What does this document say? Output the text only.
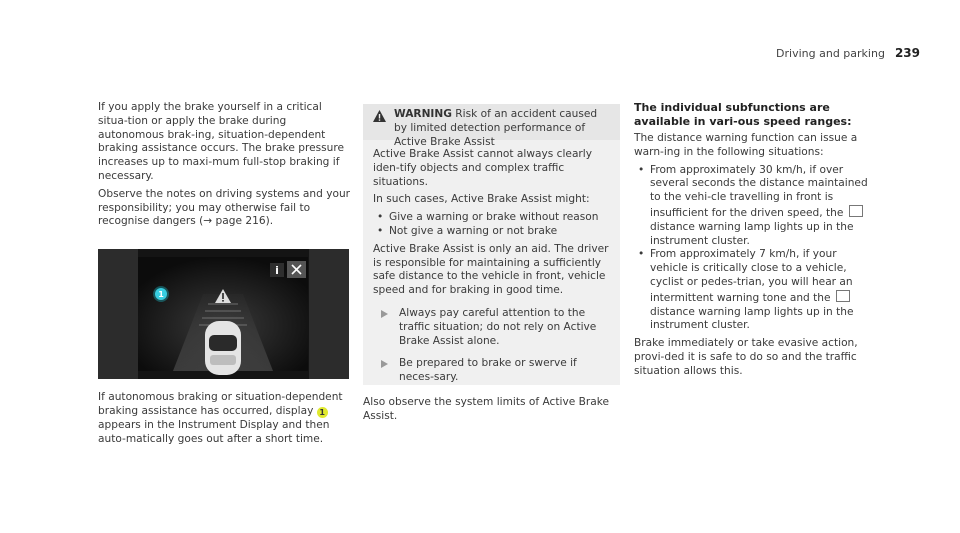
Driving and parking 239

If you apply the brake yourself in a critical situa-tion or apply the brake during autonomous brak-ing, situation-dependent braking assistance occurs. The brake pressure increases up to maxi-mum full-stop braking if necessary.

Observe the notes on driving systems and your responsibility; you may otherwise fail to recognise dangers (→ page 216).

i
1

If autonomous braking or situation-dependent braking assistance has occurred, display 1 appears in the Instrument Display and then auto-matically goes out after a short time.

WARNING Risk of an accident caused by limited detection performance of Active Brake Assist

Active Brake Assist cannot always clearly iden-tify objects and complex traffic situations.

In such cases, Active Brake Assist might:

• Give a warning or brake without reason
• Not give a warning or not brake

Active Brake Assist is only an aid. The driver is responsible for maintaining a sufficiently safe distance to the vehicle in front, vehicle speed and for braking in good time.

Always pay careful attention to the traffic situation; do not rely on Active Brake Assist alone.
Be prepared to brake or swerve if neces-sary.

Also observe the system limits of Active Brake Assist.

The individual subfunctions are available in vari-ous speed ranges:

The distance warning function can issue a warn-ing in the following situations:

• From approximately 30 km/h, if over several seconds the distance maintained to the vehi-cle travelling in front is insufficient for the driven speed, the  distance warning lamp lights up in the instrument cluster.
• From approximately 7 km/h, if your vehicle is critically close to a vehicle, cyclist or pedes-trian, you will hear an intermittent warning tone and the  distance warning lamp lights up in the instrument cluster.

Brake immediately or take evasive action, provi-ded it is safe to do so and the traffic situation allows this.
